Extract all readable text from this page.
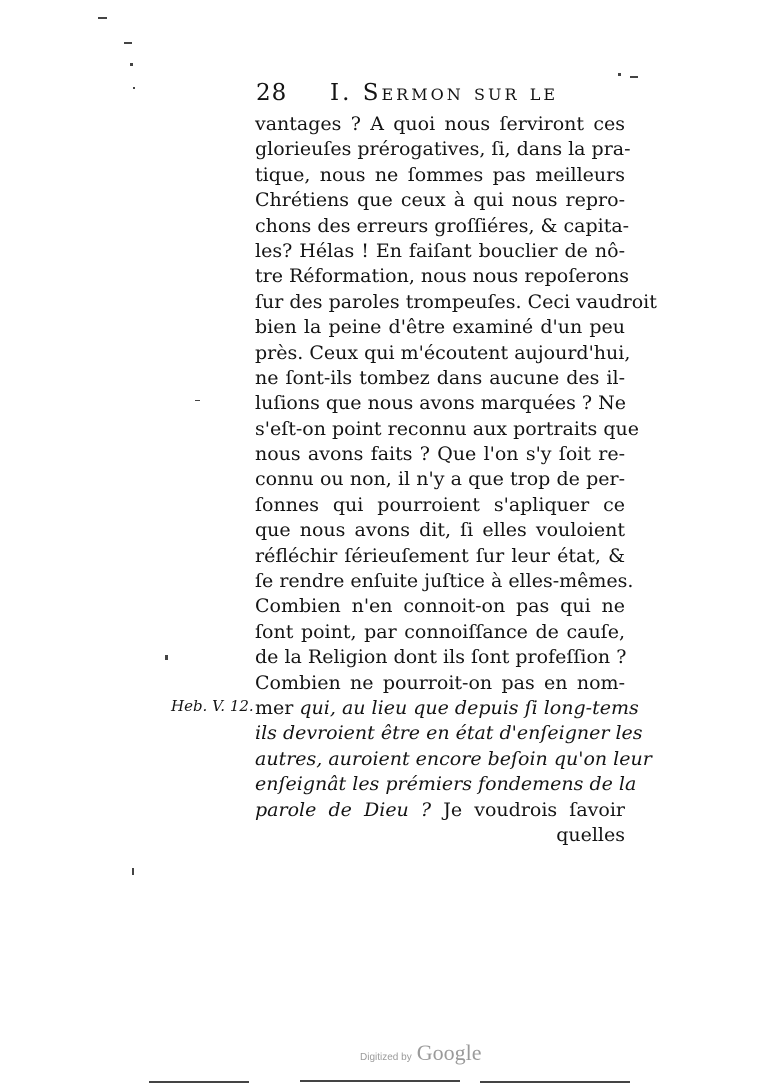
28 I. Sermon sur le
vantages ? A quoi nous ſerviront ces
glorieuſes prérogatives, ſi, dans la pra-
tique, nous ne ſommes pas meilleurs
Chrétiens que ceux à qui nous repro-
chons des erreurs groſſiéres, & capita-
les? Hélas ! En faiſant bouclier de nô-
tre Réformation, nous nous repoſerons
ſur des paroles trompeuſes. Ceci vaudroit
bien la peine d'être examiné d'un peu
près. Ceux qui m'écoutent aujourd'hui,
ne ſont-ils tombez dans aucune des il-
luſions que nous avons marquées ? Ne
s'eſt-on point reconnu aux portraits que
nous avons faits ? Que l'on s'y ſoit re-
connu ou non, il n'y a que trop de per-
ſonnes qui pourroient s'apliquer ce
que nous avons dit, ſi elles vouloient
réfléchir ſérieuſement ſur leur état, &
ſe rendre enſuite juſtice à elles-mêmes.
Combien n'en connoit-on pas qui ne
ſont point, par connoiſſance de cauſe,
de la Religion dont ils ſont profeſſion ?
Combien ne pourroit-on pas en nom-
mer qui, au lieu que depuis ſi long-tems
ils devroient être en état d'enſeigner les
autres, auroient encore beſoin qu'on leur
enſeignât les prémiers fondemens de la
parole de Dieu ? Je voudrois ſavoir
quelles
Heb. V. 12.
Digitized by Google
